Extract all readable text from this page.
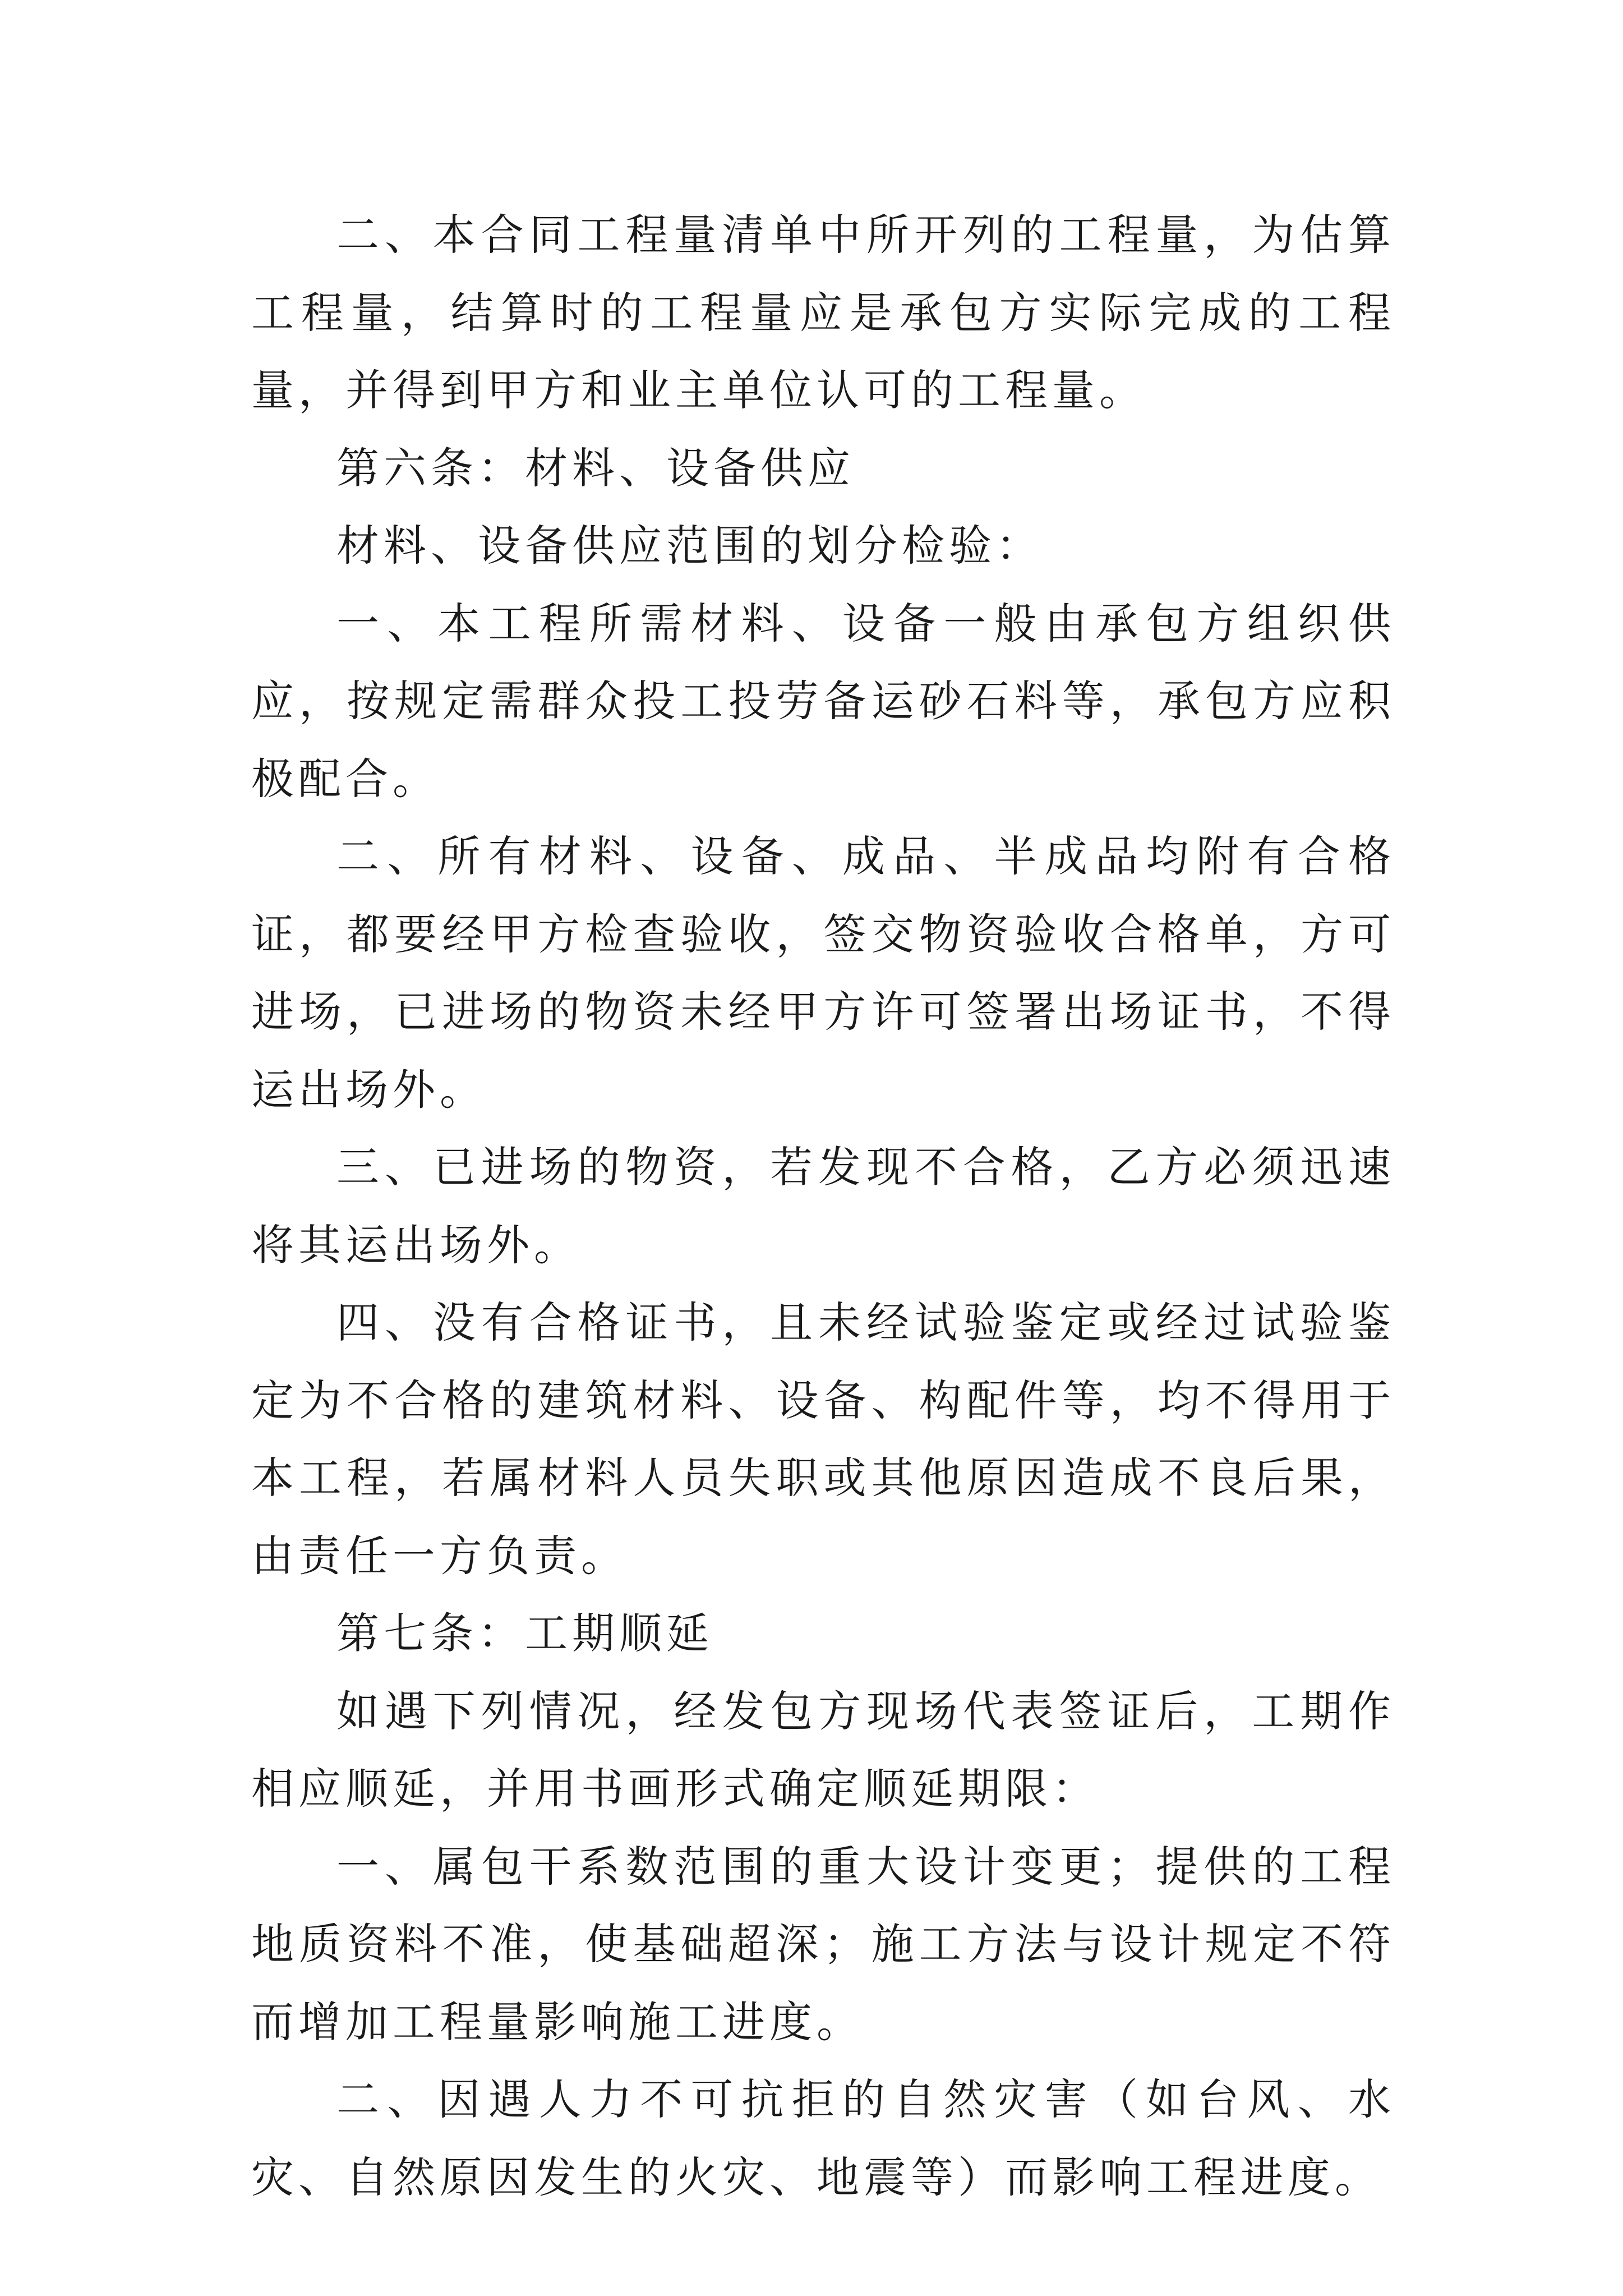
二、本合同工程量清单中所开列的工程量，为估算工程量，结算时的工程量应是承包方实际完成的工程量，并得到甲方和业主单位认可的工程量。

第六条：材料、设备供应

材料、设备供应范围的划分检验：

一、本工程所需材料、设备一般由承包方组织供应，按规定需群众投工投劳备运砂石料等，承包方应积极配合。

二、所有材料、设备、成品、半成品均附有合格证，都要经甲方检查验收，签交物资验收合格单，方可进场，已进场的物资未经甲方许可签署出场证书，不得运出场外。

三、已进场的物资，若发现不合格，乙方必须迅速将其运出场外。

四、没有合格证书，且未经试验鉴定或经过试验鉴定为不合格的建筑材料、设备、构配件等，均不得用于本工程，若属材料人员失职或其他原因造成不良后果，由责任一方负责。

第七条：工期顺延

如遇下列情况，经发包方现场代表签证后，工期作相应顺延，并用书画形式确定顺延期限：

一、属包干系数范围的重大设计变更；提供的工程地质资料不准，使基础超深；施工方法与设计规定不符而增加工程量影响施工进度。

二、因遇人力不可抗拒的自然灾害（如台风、水灾、自然原因发生的火灾、地震等）而影响工程进度。
